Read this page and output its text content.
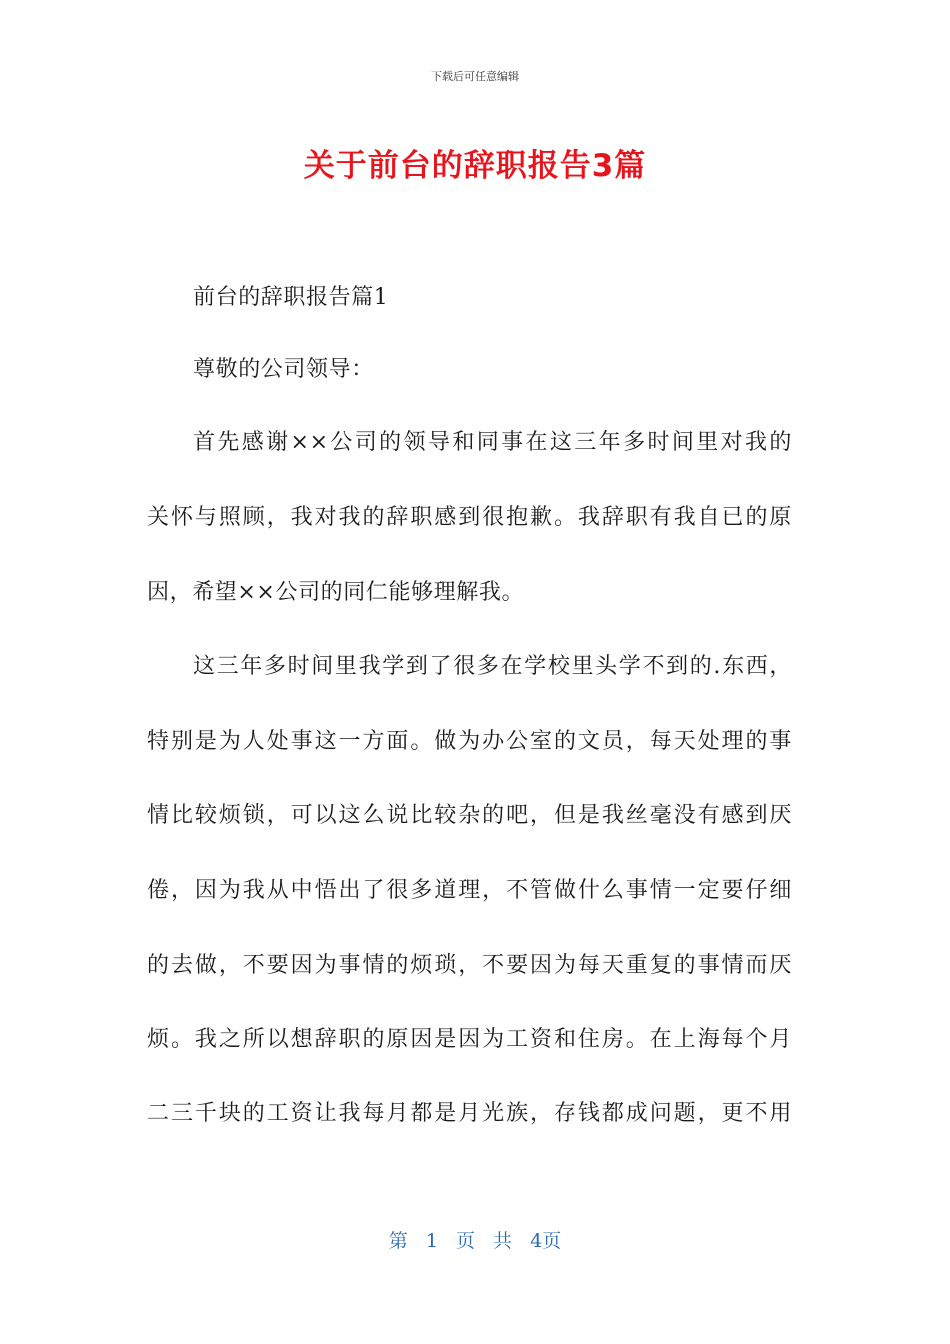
下载后可任意编辑
关于前台的辞职报告3篇
前台的辞职报告篇1
尊敬的公司领导：
首先感谢××公司的领导和同事在这三年多时间里对我的
关怀与照顾，我对我的辞职感到很抱歉。我辞职有我自已的原
因，希望××公司的同仁能够理解我。
这三年多时间里我学到了很多在学校里头学不到的.东西，
特别是为人处事这一方面。做为办公室的文员，每天处理的事
情比较烦锁，可以这么说比较杂的吧，但是我丝毫没有感到厌
倦，因为我从中悟出了很多道理，不管做什么事情一定要仔细
的去做，不要因为事情的烦琐，不要因为每天重复的事情而厌
烦。我之所以想辞职的原因是因为工资和住房。在上海每个月
二三千块的工资让我每月都是月光族，存钱都成问题，更不用
第 1 页 共 4页
